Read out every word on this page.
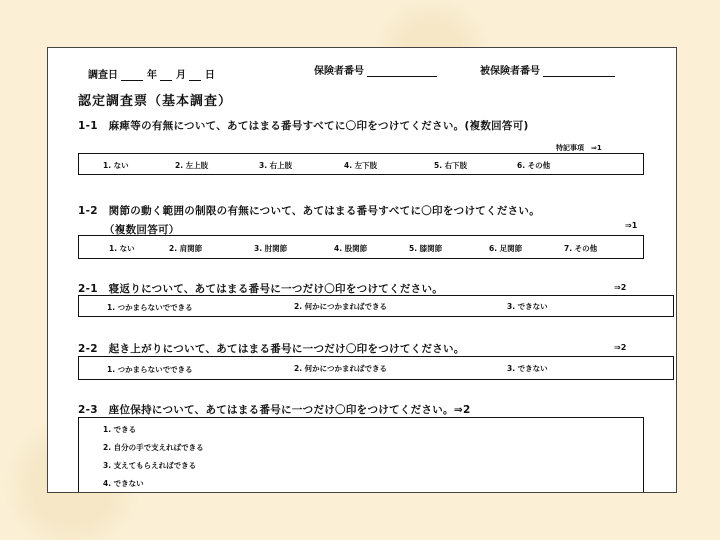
調査日	年 月 日	保険者番号	被保険者番号
認定調査票（基本調査）
1-1　麻痺等の有無について、あてはまる番号すべてに〇印をつけてください。(複数回答可)
特記事項　⇒1
1. ない	2. 左上肢	3. 右上肢	4. 左下肢	5. 右下肢	6. その他
1-2　関節の動く範囲の制限の有無について、あてはまる番号すべてに〇印をつけてください。
（複数回答可）	⇒1
1. ない	2. 肩関節	3. 肘関節	4. 股関節	5. 膝関節	6. 足関節	7. その他
2-1　寝返りについて、あてはまる番号に一つだけ〇印をつけてください。	⇒2
1. つかまらないでできる	2. 何かにつかまればできる	3. できない
2-2　起き上がりについて、あてはまる番号に一つだけ〇印をつけてください。	⇒2
1. つかまらないでできる	2. 何かにつかまればできる	3. できない
2-3　座位保持について、あてはまる番号に一つだけ〇印をつけてください。⇒2
1. できる
2. 自分の手で支えればできる
3. 支えてもらえればできる
4. できない
